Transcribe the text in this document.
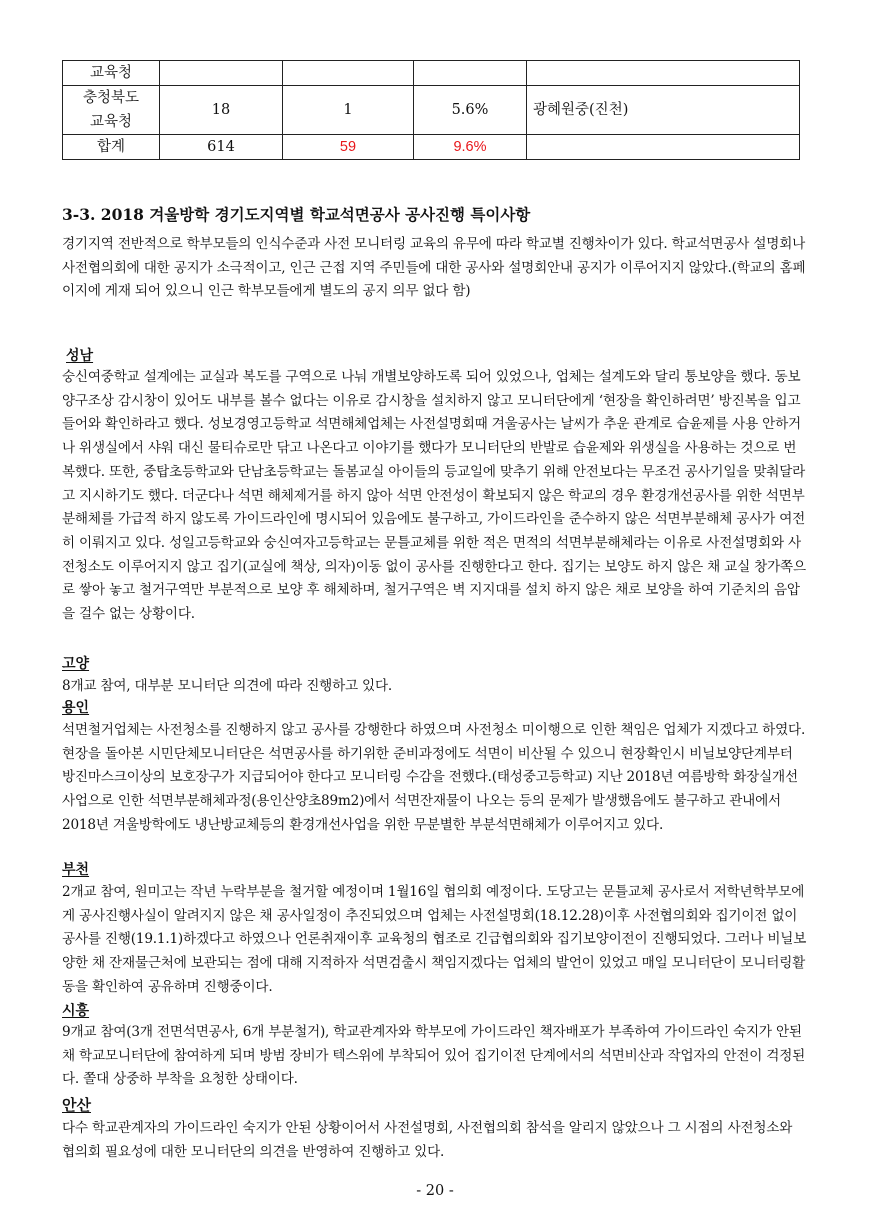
교육청				

충청북도
교육청	18	1	5.6%	광혜원중(진천)
합계	614	59	9.6%	
3-3. 2018 겨울방학 경기도지역별 학교석면공사 공사진행 특이사항
경기지역 전반적으로 학부모들의 인식수준과 사전 모니터링 교육의 유무에 따라 학교별 진행차이가 있다. 학교석면공사 설명회나 사전협의회에 대한 공지가 소극적이고, 인근 근접 지역 주민들에 대한 공사와 설명회안내 공지가 이루어지지 않았다.(학교의 홈페이지에 게재 되어 있으니 인근 학부모들에게 별도의 공지 의무 없다 함)
성남
숭신여중학교 설계에는 교실과 복도를 구역으로 나눠 개별보양하도록 되어 있었으나, 업체는 설계도와 달리 통보양을 했다. 동보양구조상 감시창이 있어도 내부를 볼수 없다는 이유로 감시창을 설치하지 않고 모니터단에게 ‘현장을 확인하려면’ 방진복을 입고 들어와 확인하라고 했다. 성보경영고등학교 석면해체업체는 사전설명회때 겨울공사는 날씨가 추운 관계로 습윤제를 사용 안하거나 위생실에서 샤워 대신 물티슈로만 닦고 나온다고 이야기를 했다가 모니터단의 반발로 습윤제와 위생실을 사용하는 것으로 번복했다. 또한, 중탑초등학교와 단남초등학교는 돌봄교실 아이들의 등교일에 맞추기 위해 안전보다는 무조건 공사기일을 맞춰달라고 지시하기도 했다. 더군다나 석면 해체제거를 하지 않아 석면 안전성이 확보되지 않은 학교의 경우 환경개선공사를 위한 석면부분해체를 가급적 하지 않도록 가이드라인에 명시되어 있음에도 불구하고, 가이드라인을 준수하지 않은 석면부분해체 공사가 여전히 이뤄지고 있다. 성일고등학교와 숭신여자고등학교는 문틀교체를 위한 적은 면적의 석면부분해체라는 이유로 사전설명회와 사전청소도 이루어지지 않고 집기(교실에 책상, 의자)이동 없이 공사를 진행한다고 한다. 집기는 보양도 하지 않은 채 교실 창가쪽으로 쌓아 놓고 철거구역만 부분적으로 보양 후 해체하며, 철거구역은 벽 지지대를 설치 하지 않은 채로 보양을 하여 기준치의 음압을 걸수 없는 상황이다.
고양
8개교 참여, 대부분 모니터단 의견에 따라 진행하고 있다.
용인
석면철거업체는 사전청소를 진행하지 않고 공사를 강행한다 하였으며 사전청소 미이행으로 인한 책임은 업체가 지겠다고 하였다. 현장을 돌아본 시민단체모니터단은 석면공사를 하기위한 준비과정에도 석면이 비산될 수 있으니 현장확인시 비닐보양단계부터 방진마스크이상의 보호장구가 지급되어야 한다고 모니터링 수감을 전했다.(태성중고등학교) 지난 2018년 여름방학 화장실개선사업으로 인한 석면부분해체과정(용인산양초89m2)에서 석면잔재물이 나오는 등의 문제가 발생했음에도 불구하고 관내에서 2018년 겨울방학에도 냉난방교체등의 환경개선사업을 위한 무분별한 부분석면해체가 이루어지고 있다.
부천
2개교 참여, 원미고는 작년 누락부분을 철거할 예정이며 1월16일 협의회 예정이다. 도당고는 문틀교체 공사로서 저학년학부모에게 공사진행사실이 알려지지 않은 채 공사일정이 추진되었으며 업체는 사전설명회(18.12.28)이후 사전협의회와 집기이전 없이 공사를 진행(19.1.1)하겠다고 하였으나 언론취재이후 교육청의 협조로 긴급협의회와 집기보양이전이 진행되었다. 그러나 비닐보양한 채 잔재물근처에 보관되는 점에 대해 지적하자 석면검출시 책임지겠다는 업체의 발언이 있었고 매일 모니터단이 모니터링활동을 확인하여 공유하며 진행중이다.
시흥
9개교 참여(3개 전면석면공사, 6개 부분철거), 학교관계자와 학부모에 가이드라인 책자배포가 부족하여 가이드라인 숙지가 안된채 학교모니터단에 참여하게 되며 방범 장비가 텍스위에 부착되어 있어 집기이전 단계에서의 석면비산과 작업자의 안전이 걱정된다. 쫄대 상중하 부착을 요청한 상태이다.
안산
다수 학교관계자의 가이드라인 숙지가 안된 상황이어서 사전설명회, 사전협의회 참석을 알리지 않았으나 그 시점의 사전청소와 협의회 필요성에 대한 모니터단의 의견을 반영하여 진행하고 있다.
- 20 -
